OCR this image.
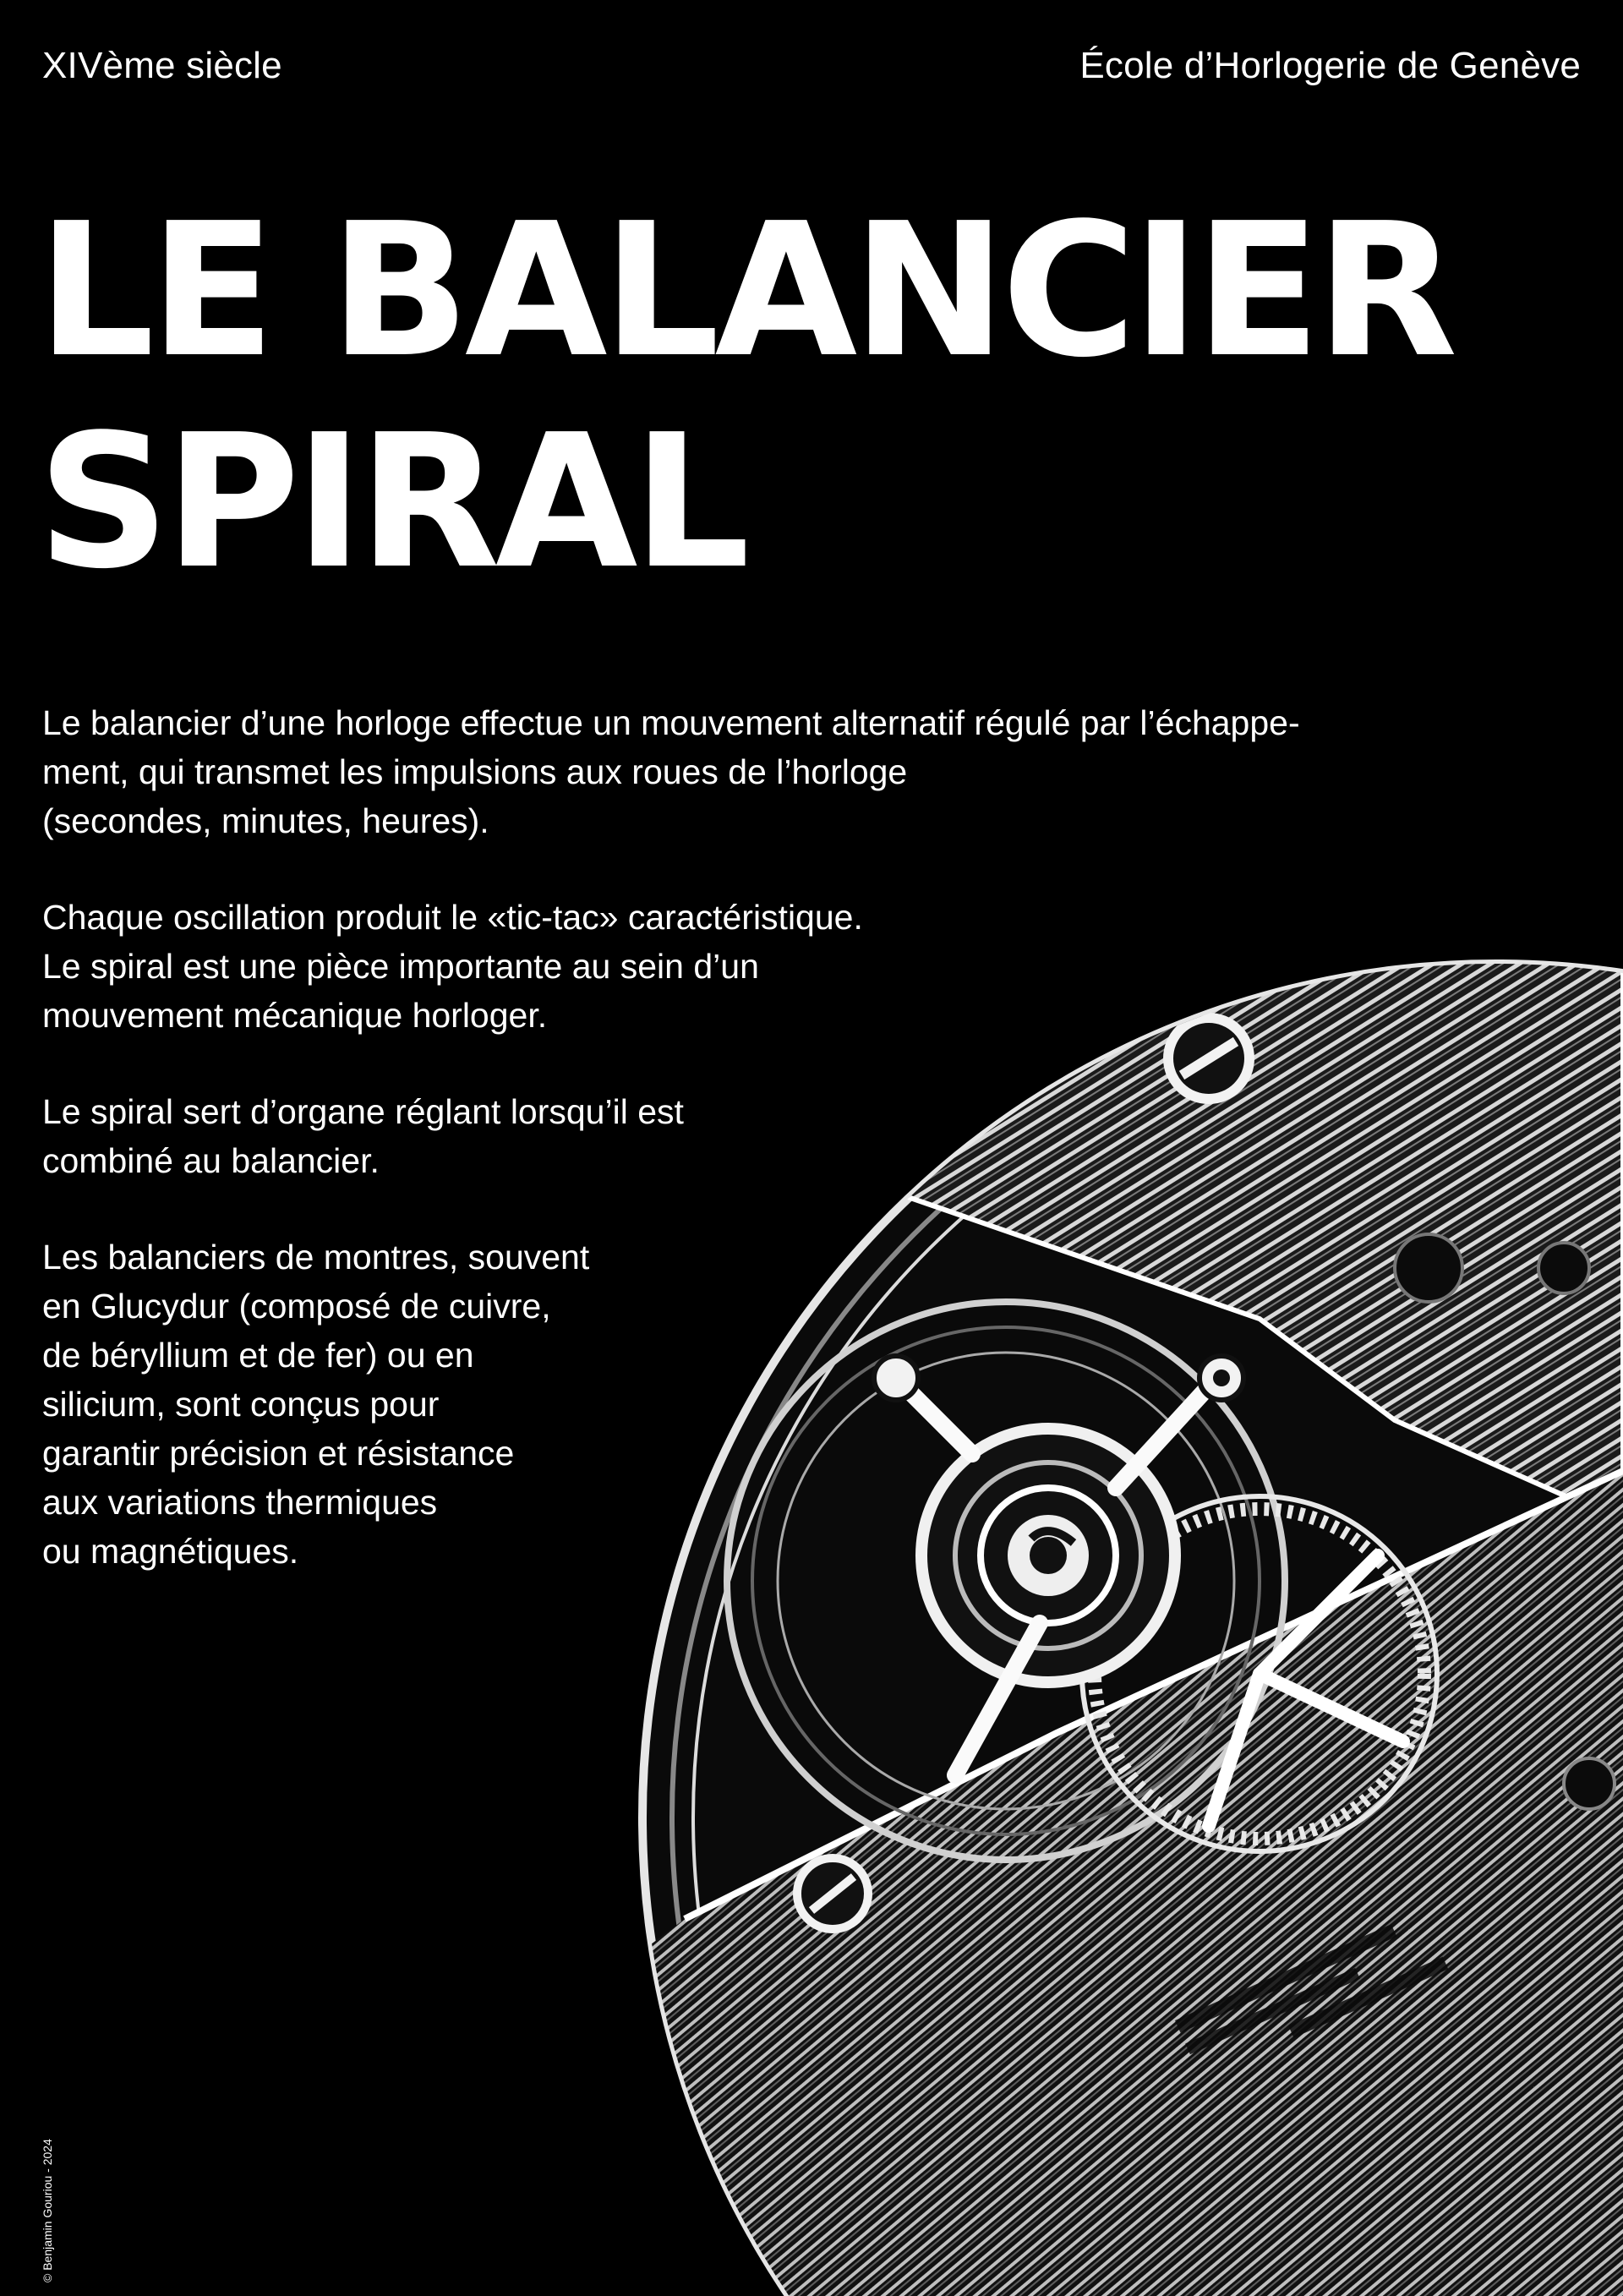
XIVème siècle	École d’Horlogerie de Genève
LE BALANCIER
SPIRAL

Le balancier d’une horloge effectue un mouvement alternatif régulé par l’échappe-
ment, qui transmet les impulsions aux roues de l’horloge
(secondes, minutes, heures).

Chaque oscillation produit le «tic-tac» caractéristique.
Le spiral est une pièce importante au sein d’un
mouvement mécanique horloger.

Le spiral sert d’organe réglant lorsqu’il est
combiné au balancier.

Les balanciers de montres, souvent
en Glucydur (composé de cuivre,
de béryllium et de fer) ou en
silicium, sont conçus pour
garantir précision et résistance
aux variations thermiques
ou magnétiques.

© Benjamin Gouriou - 2024
